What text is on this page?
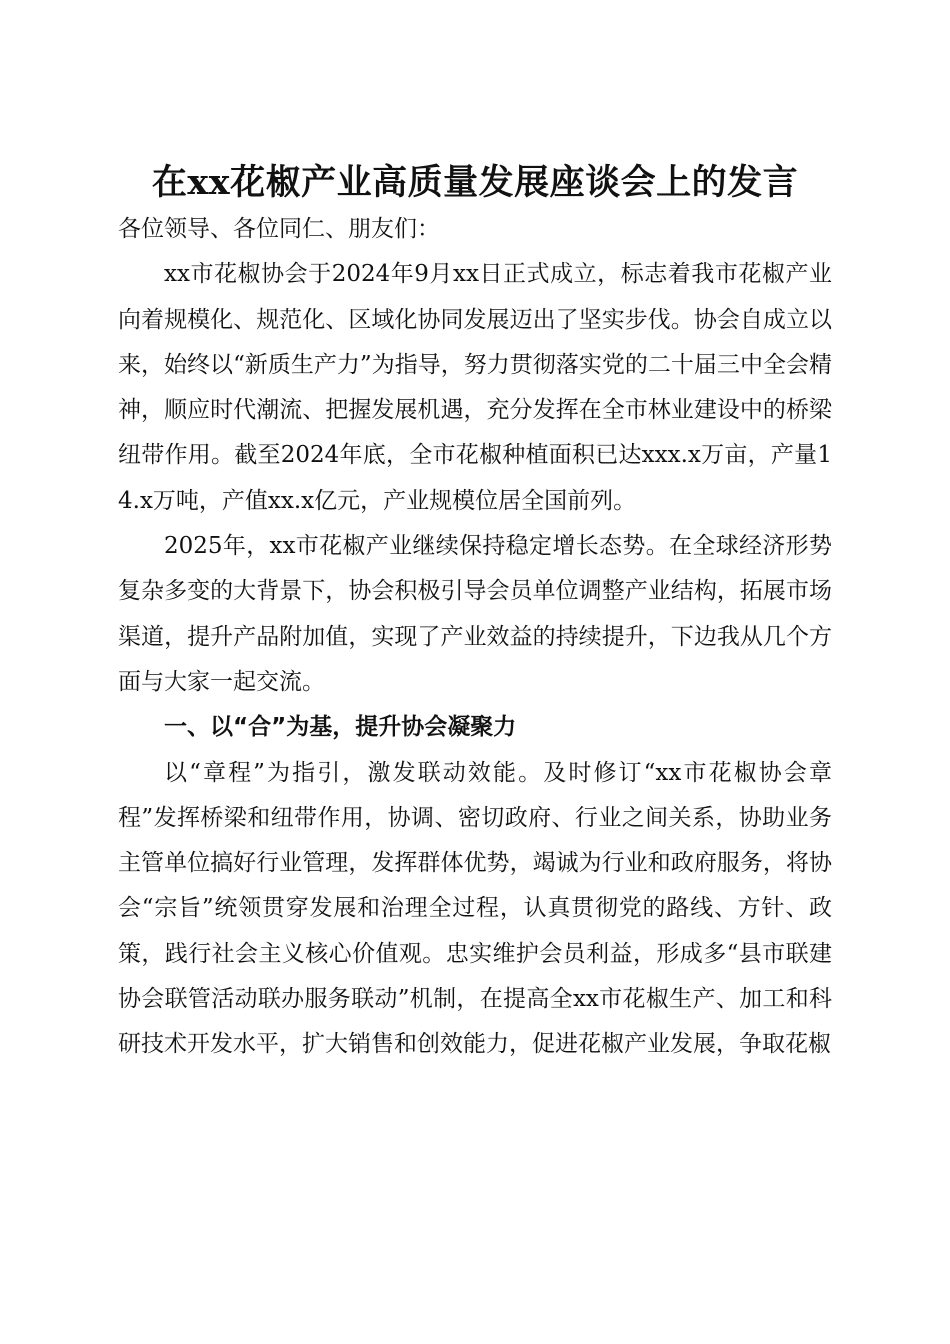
在xx花椒产业高质量发展座谈会上的发言

各位领导、各位同仁、朋友们：

xx市花椒协会于2024年9月xx日正式成立，标志着我市花椒产业向着规模化、规范化、区域化协同发展迈出了坚实步伐。协会自成立以来，始终以“新质生产力”为指导，努力贯彻落实党的二十届三中全会精神，顺应时代潮流、把握发展机遇，充分发挥在全市林业建设中的桥梁纽带作用。截至2024年底，全市花椒种植面积已达xxx.x万亩，产量14.x万吨，产值xx.x亿元，产业规模位居全国前列。

2025年，xx市花椒产业继续保持稳定增长态势。在全球经济形势复杂多变的大背景下，协会积极引导会员单位调整产业结构，拓展市场渠道，提升产品附加值，实现了产业效益的持续提升，下边我从几个方面与大家一起交流。

一、以“合”为基，提升协会凝聚力

以“章程”为指引，激发联动效能。及时修订“xx市花椒协会章程”发挥桥梁和纽带作用，协调、密切政府、行业之间关系，协助业务主管单位搞好行业管理，发挥群体优势，竭诚为行业和政府服务，将协会“宗旨”统领贯穿发展和治理全过程，认真贯彻党的路线、方针、政策，践行社会主义核心价值观。忠实维护会员利益，形成多“县市联建协会联管活动联办服务联动”机制，在提高全xx市花椒生产、加工和科研技术开发水平，扩大销售和创效能力，促进花椒产业发展，争取花椒
